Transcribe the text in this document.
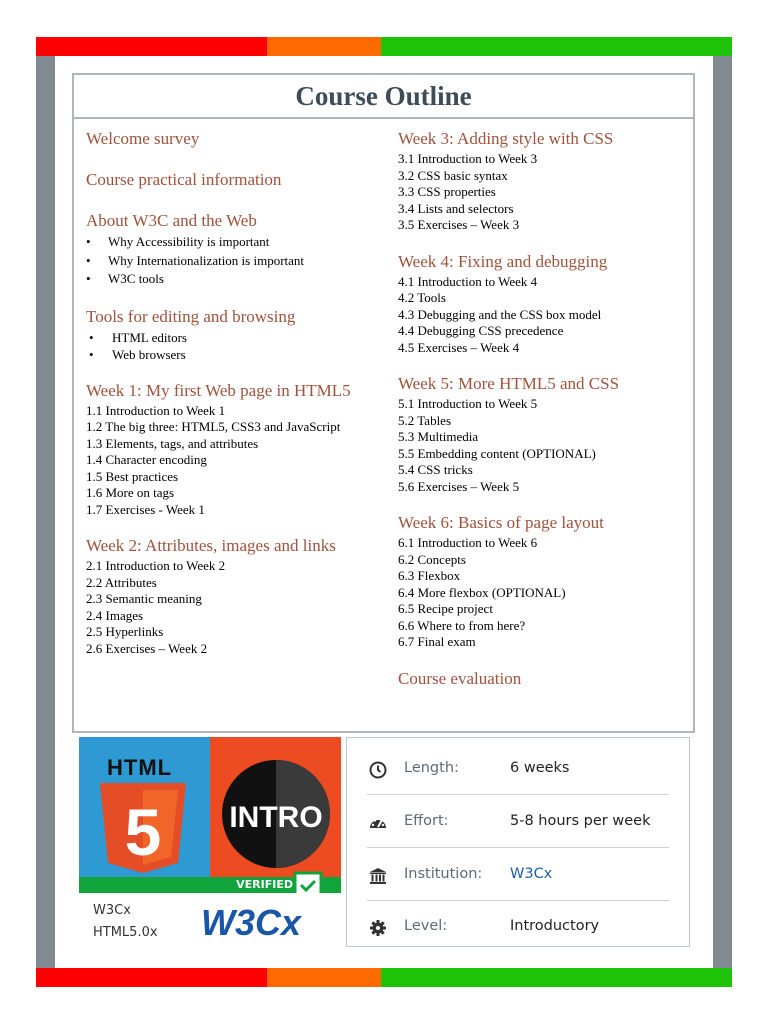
Course Outline
Welcome survey
Course practical information
About W3C and the Web
• Why Accessibility is important
• Why Internationalization is important
• W3C tools
Tools for editing and browsing
• HTML editors
• Web browsers
Week 1: My first Web page in HTML5
1.1 Introduction to Week 1
1.2 The big three: HTML5, CSS3 and JavaScript
1.3 Elements, tags, and attributes
1.4 Character encoding
1.5 Best practices
1.6 More on tags
1.7 Exercises - Week 1
Week 2: Attributes, images and links
2.1 Introduction to Week 2
2.2 Attributes
2.3 Semantic meaning
2.4 Images
2.5 Hyperlinks
2.6 Exercises – Week 2
Week 3: Adding style with CSS
3.1 Introduction to Week 3
3.2 CSS basic syntax
3.3 CSS properties
3.4 Lists and selectors
3.5 Exercises – Week 3
Week 4: Fixing and debugging
4.1 Introduction to Week 4
4.2 Tools
4.3 Debugging and the CSS box model
4.4 Debugging CSS precedence
4.5 Exercises – Week 4
Week 5: More HTML5 and CSS
5.1 Introduction to Week 5
5.2 Tables
5.3 Multimedia
5.5 Embedding content (OPTIONAL)
5.4 CSS tricks
5.6 Exercises – Week 5
Week 6: Basics of page layout
6.1 Introduction to Week 6
6.2 Concepts
6.3 Flexbox
6.4 More flexbox (OPTIONAL)
6.5 Recipe project
6.6 Where to from here?
6.7 Final exam
Course evaluation
HTML
5 INTRO
VERIFIED
W3Cx
HTML5.0x W3Cx
Length:	6 weeks
Effort:	5-8 hours per week
Institution: W3Cx
Level:	Introductory
